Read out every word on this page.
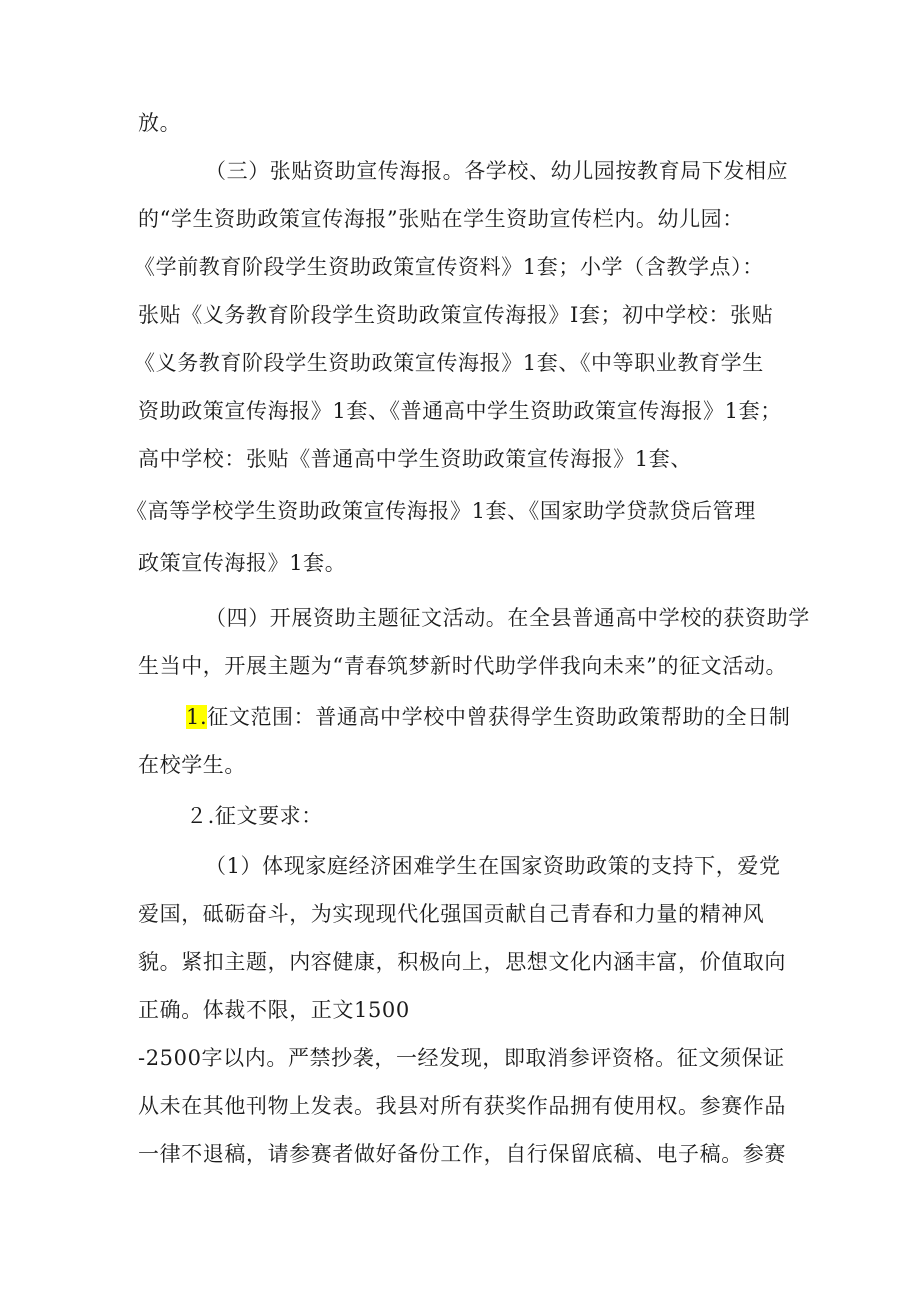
放。
（三）张贴资助宣传海报。各学校、幼儿园按教育局下发相应
的“学生资助政策宣传海报”张贴在学生资助宣传栏内。幼儿园：
《学前教育阶段学生资助政策宣传资料》1套；小学（含教学点）：
张贴《义务教育阶段学生资助政策宣传海报》I套；初中学校：张贴
《义务教育阶段学生资助政策宣传海报》1套、《中等职业教育学生
资助政策宣传海报》1套、《普通高中学生资助政策宣传海报》1套；
高中学校：张贴《普通高中学生资助政策宣传海报》1套、
《高等学校学生资助政策宣传海报》1套、《国家助学贷款贷后管理
政策宣传海报》1套。
（四）开展资助主题征文活动。在全县普通高中学校的获资助学
生当中，开展主题为“青春筑梦新时代助学伴我向未来”的征文活动。
1.征文范围：普通高中学校中曾获得学生资助政策帮助的全日制
在校学生。
２.征文要求：
（1）体现家庭经济困难学生在国家资助政策的支持下，爱党
爱国，砥砺奋斗，为实现现代化强国贡献自己青春和力量的精神风
貌。紧扣主题，内容健康，积极向上，思想文化内涵丰富，价值取向
正确。体裁不限，正文1500
-2500字以内。严禁抄袭，一经发现，即取消参评资格。征文须保证
从未在其他刊物上发表。我县对所有获奖作品拥有使用权。参赛作品
一律不退稿，请参赛者做好备份工作，自行保留底稿、电子稿。参赛
